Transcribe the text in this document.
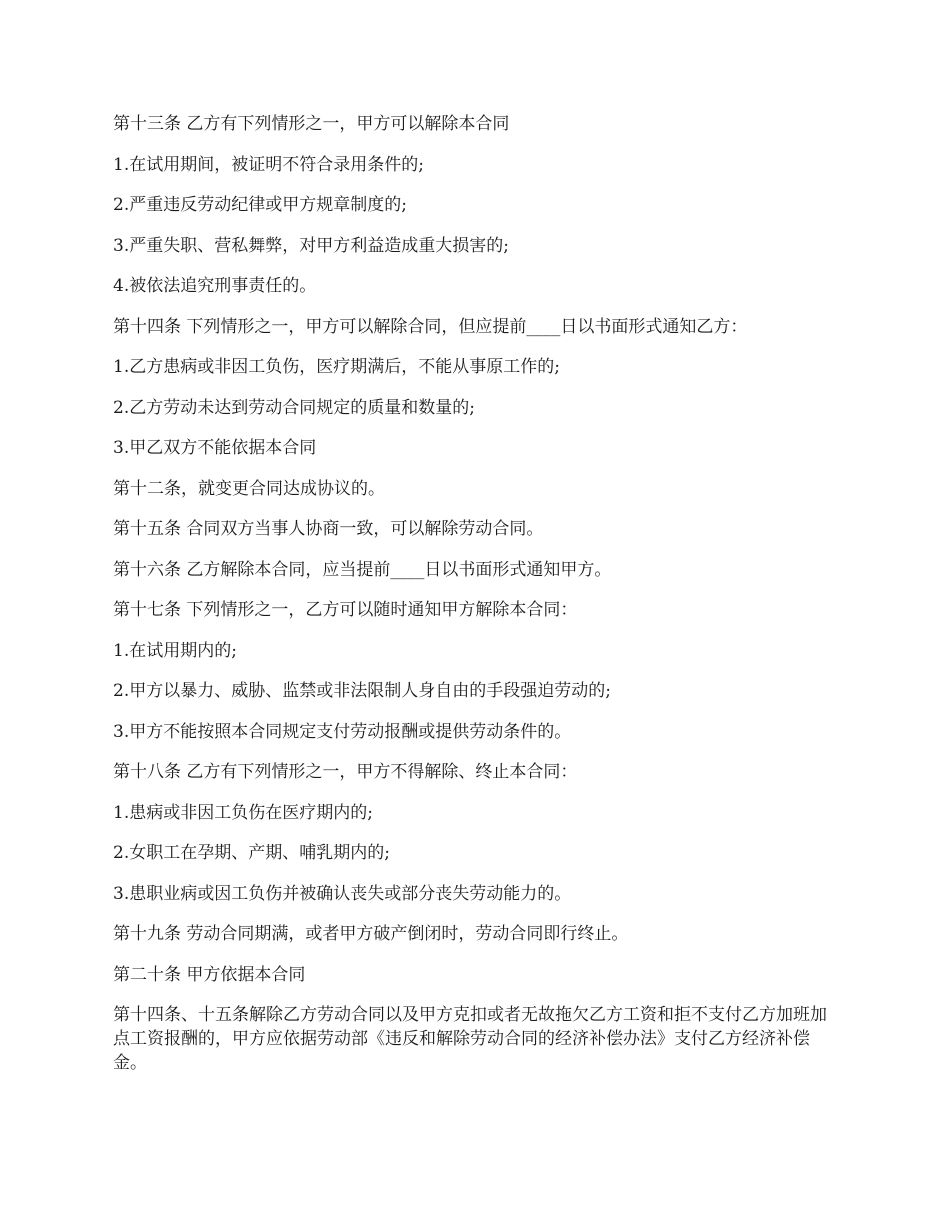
第十三条 乙方有下列情形之一，甲方可以解除本合同

1.在试用期间，被证明不符合录用条件的;

2.严重违反劳动纪律或甲方规章制度的;

3.严重失职、营私舞弊，对甲方利益造成重大损害的;

4.被依法追究刑事责任的。

第十四条 下列情形之一，甲方可以解除合同，但应提前____日以书面形式通知乙方：

1.乙方患病或非因工负伤，医疗期满后，不能从事原工作的;

2.乙方劳动未达到劳动合同规定的质量和数量的;

3.甲乙双方不能依据本合同

第十二条，就变更合同达成协议的。

第十五条 合同双方当事人协商一致，可以解除劳动合同。

第十六条 乙方解除本合同，应当提前____日以书面形式通知甲方。

第十七条 下列情形之一，乙方可以随时通知甲方解除本合同：

1.在试用期内的;

2.甲方以暴力、威胁、监禁或非法限制人身自由的手段强迫劳动的;

3.甲方不能按照本合同规定支付劳动报酬或提供劳动条件的。

第十八条 乙方有下列情形之一，甲方不得解除、终止本合同：

1.患病或非因工负伤在医疗期内的;

2.女职工在孕期、产期、哺乳期内的;

3.患职业病或因工负伤并被确认丧失或部分丧失劳动能力的。

第十九条 劳动合同期满，或者甲方破产倒闭时，劳动合同即行终止。

第二十条 甲方依据本合同

第十四条、十五条解除乙方劳动合同以及甲方克扣或者无故拖欠乙方工资和拒不支付乙方加班加点工资报酬的，甲方应依据劳动部《违反和解除劳动合同的经济补偿办法》支付乙方经济补偿金。
